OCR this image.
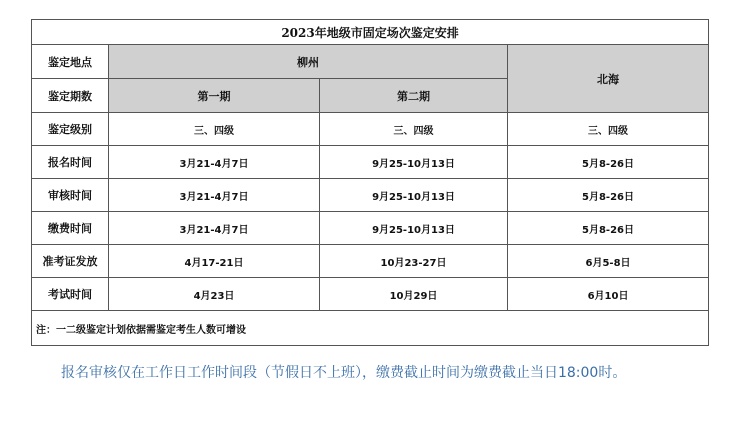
2023年地级市固定场次鉴定安排			
鉴定地点	柳州		北海
鉴定期数	第一期	第二期	
鉴定级别	三、四级	三、四级	三、四级
报名时间	3月21-4月7日	9月25-10月13日	5月8-26日
审核时间	3月21-4月7日	9月25-10月13日	5月8-26日
缴费时间	3月21-4月7日	9月25-10月13日	5月8-26日
准考证发放	4月17-21日	10月23-27日	6月5-8日
考试时间	4月23日	10月29日	6月10日
注：一二级鉴定计划依据需鉴定考生人数可增设			
报名审核仅在工作日工作时间段（节假日不上班），缴费截止时间为缴费截止当日18:00时。
